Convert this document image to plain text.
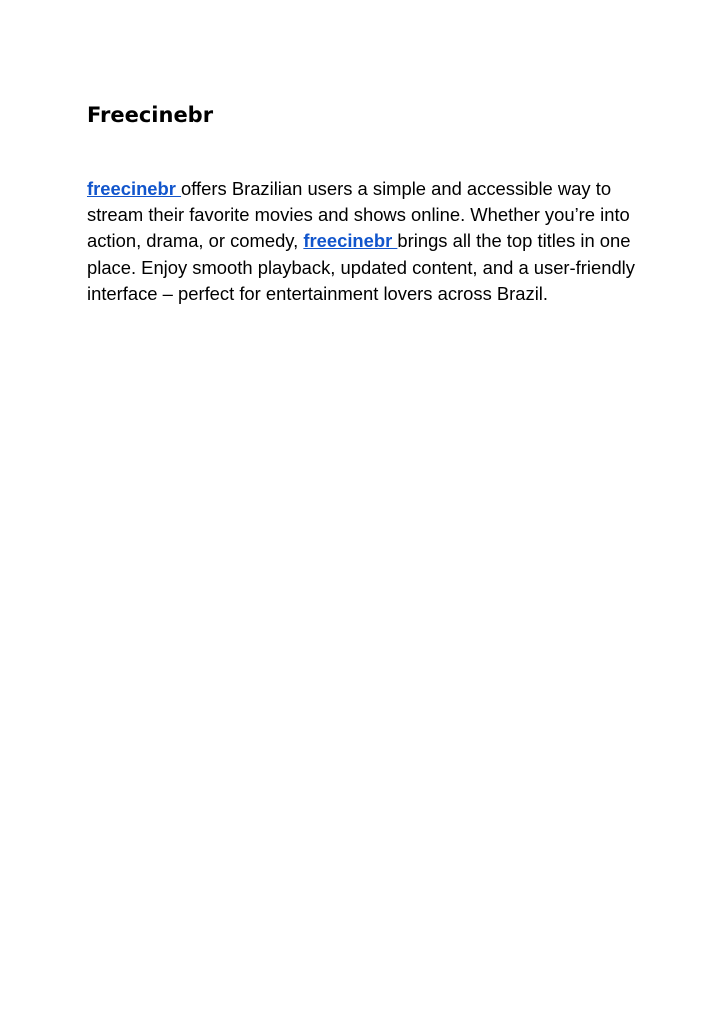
Freecinebr

freecinebr offers Brazilian users a simple and accessible way to stream their favorite movies and shows online. Whether you’re into action, drama, or comedy, freecinebr brings all the top titles in one place. Enjoy smooth playback, updated content, and a user-friendly interface – perfect for entertainment lovers across Brazil.
